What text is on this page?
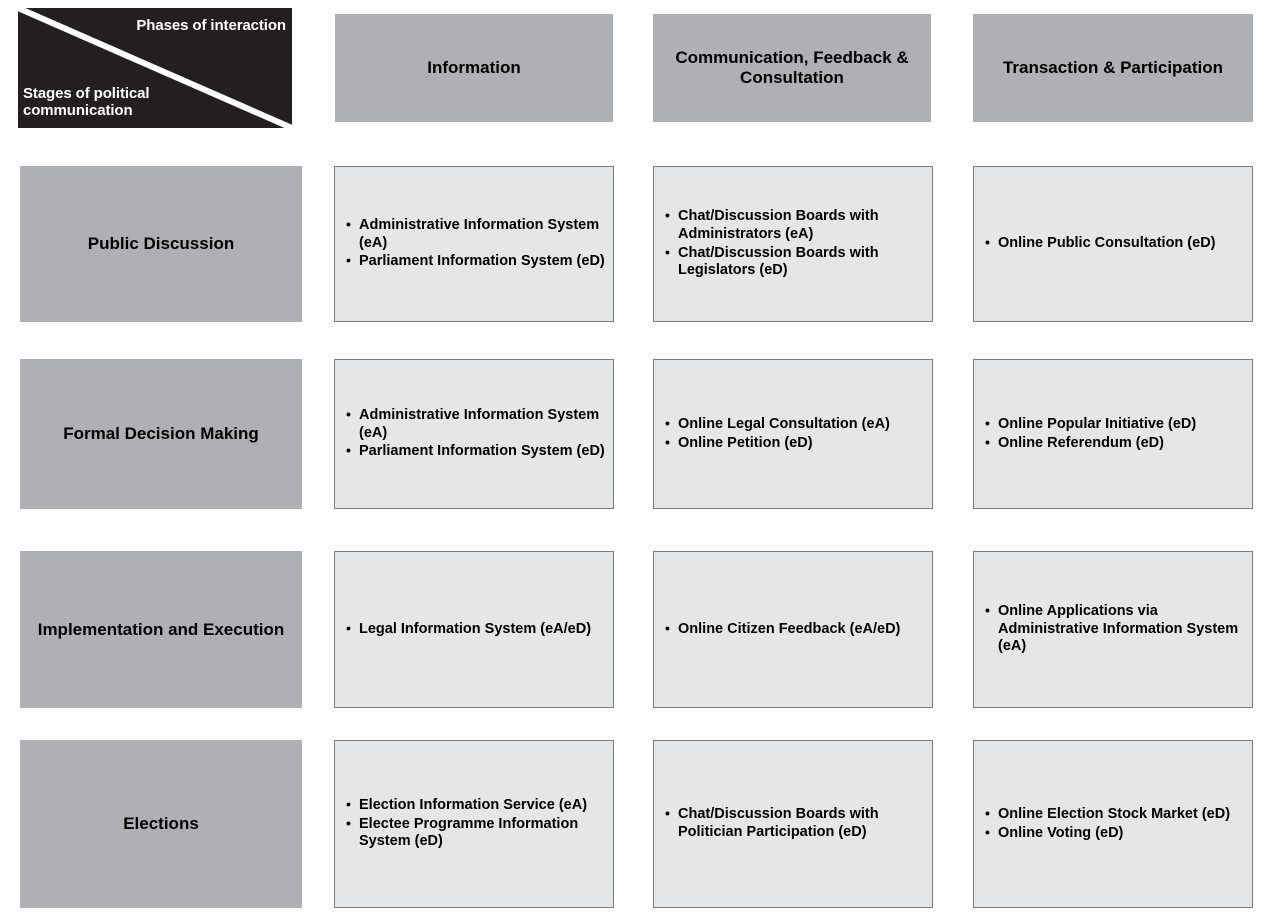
Phases of interaction
Stages of political communication
Information
Communication, Feedback & Consultation
Transaction & Participation
Public Discussion
• Administrative Information System (eA)
• Parliament Information System (eD)
• Chat/Discussion Boards with Administrators (eA)
• Chat/Discussion Boards with Legislators (eD)
• Online Public Consultation (eD)
Formal Decision Making
• Administrative Information System (eA)
• Parliament Information System (eD)
• Online Legal Consultation (eA)
• Online Petition (eD)
• Online Popular Initiative (eD)
• Online Referendum (eD)
Implementation and Execution	• Legal Information System (eA/eD)	• Online Citizen Feedback (eA/eD)
• Online Applications via Administrative Information System (eA)
Elections
• Election Information Service (eA)
• Electee Programme Information System (eD)
• Chat/Discussion Boards with Politician Participation (eD)
• Online Election Stock Market (eD)
• Online Voting (eD)
